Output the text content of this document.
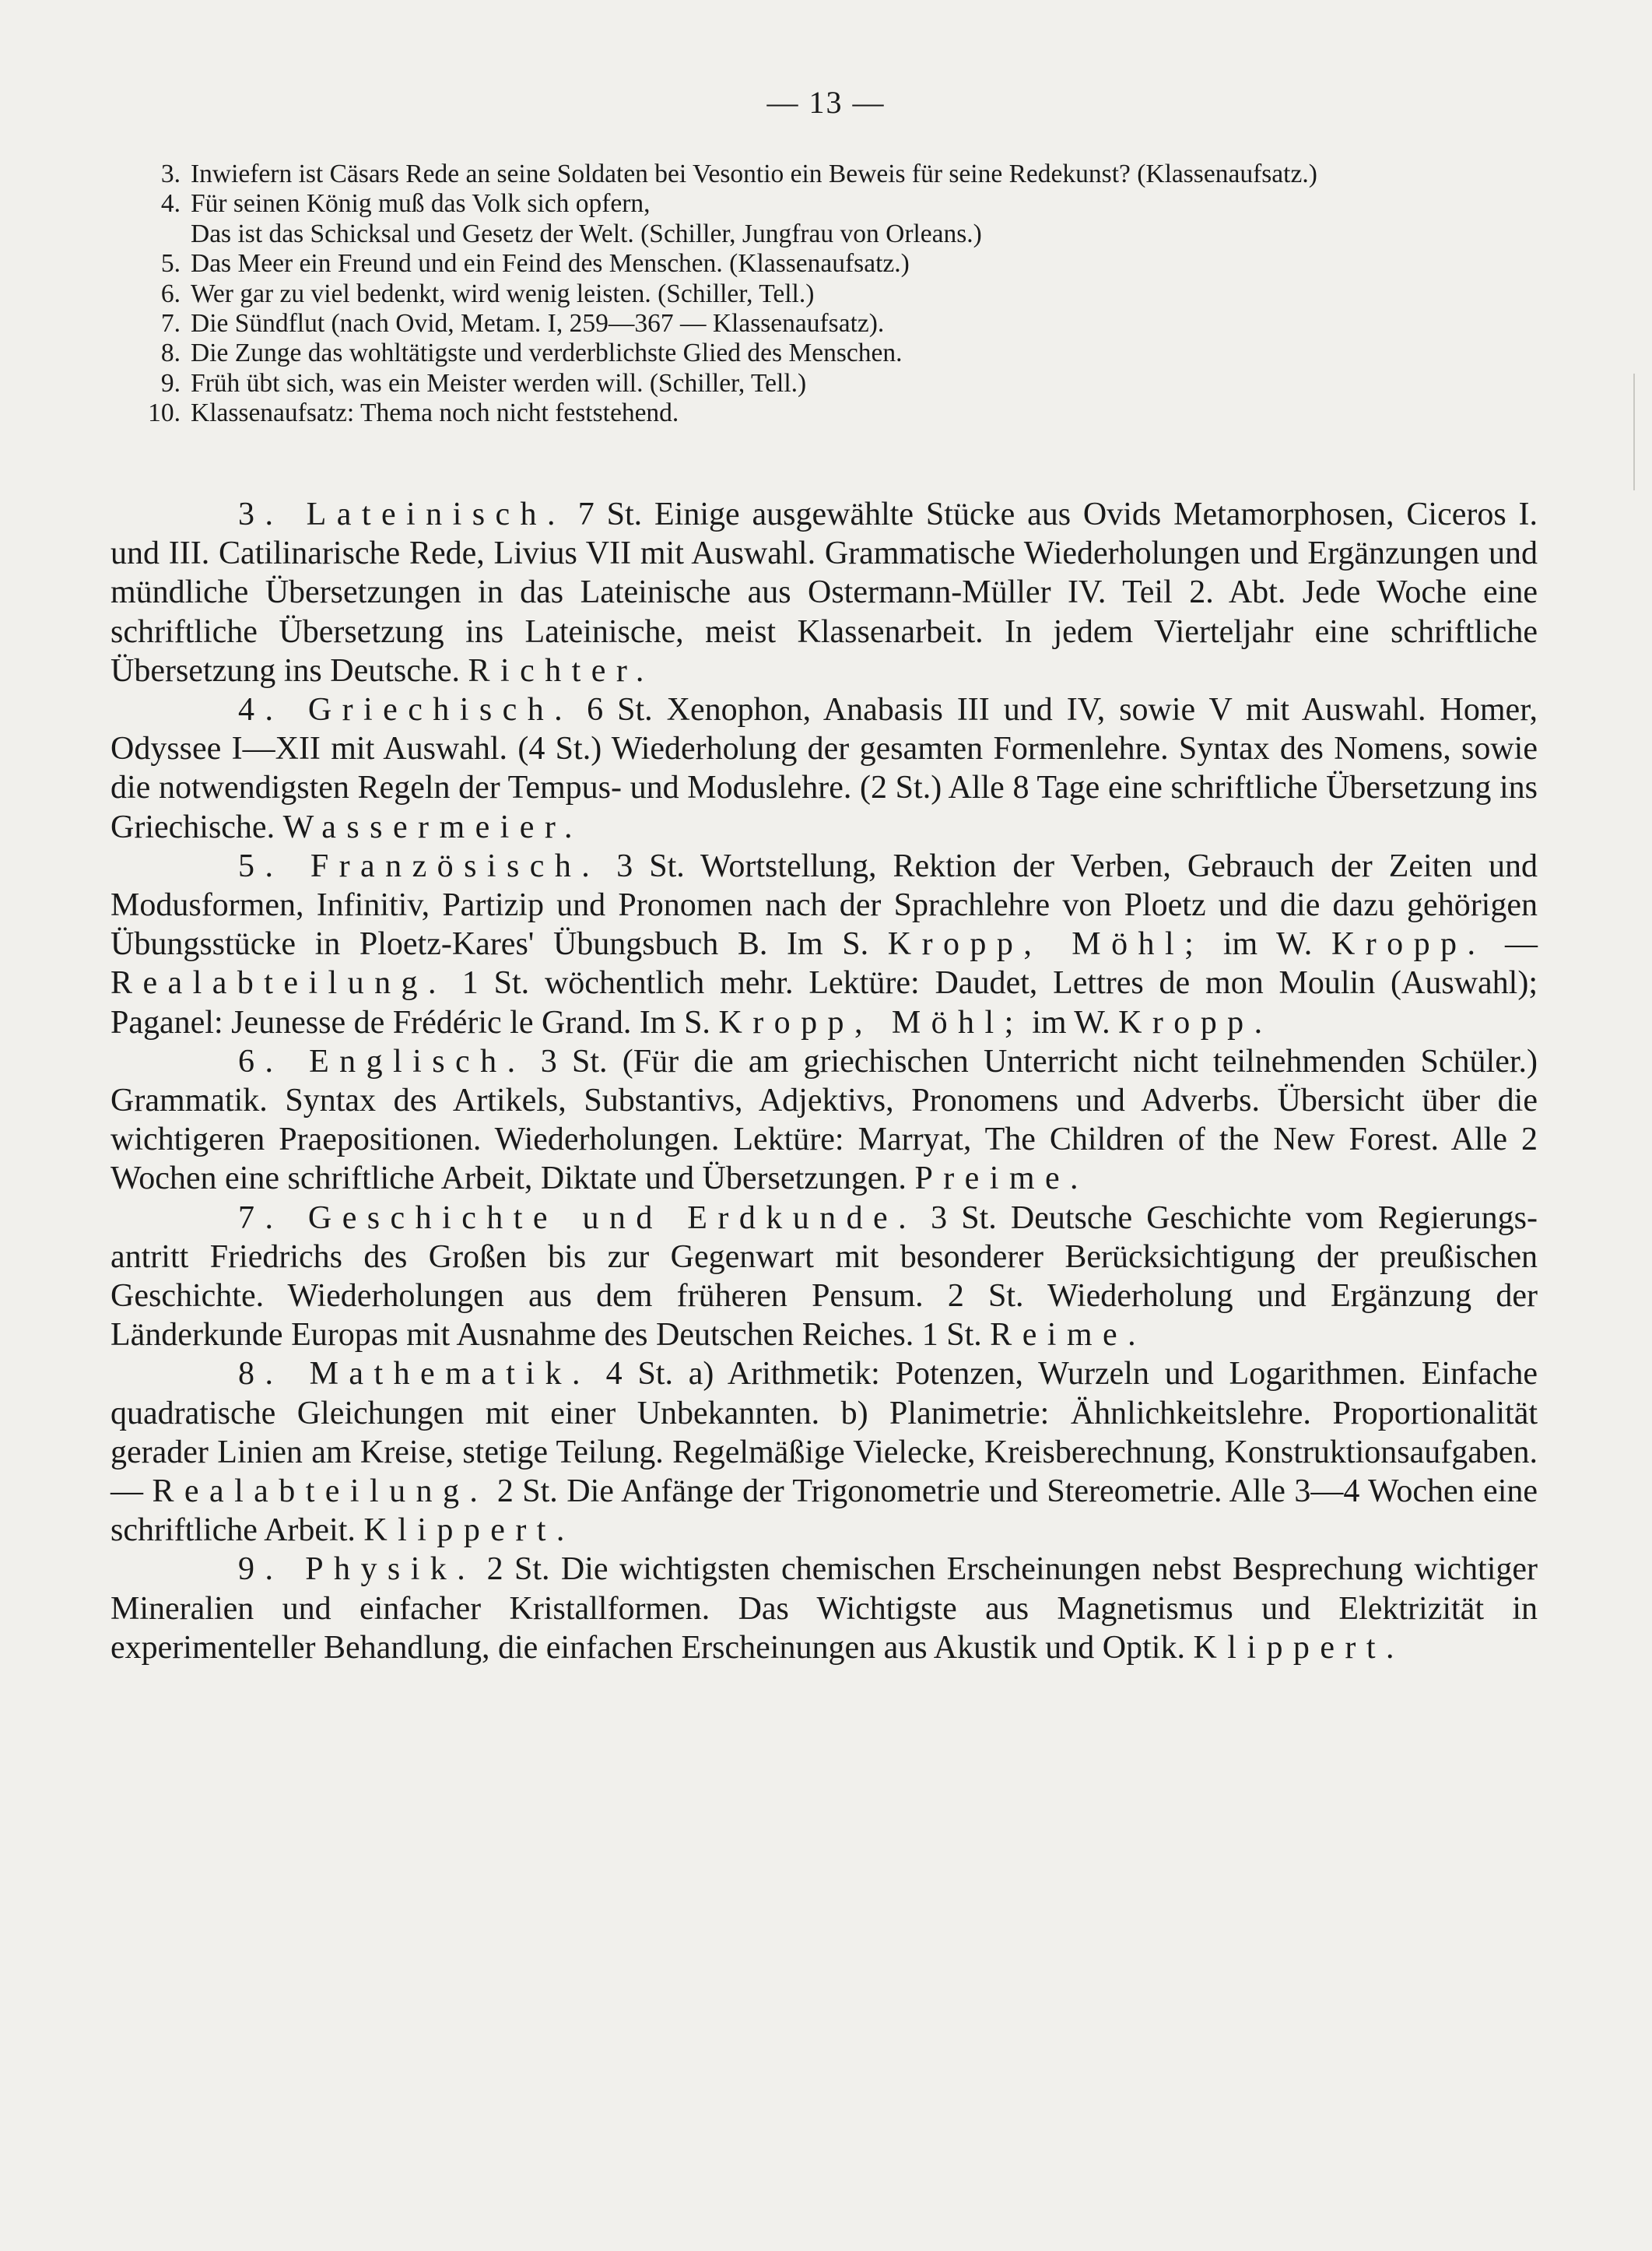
— 13 —
3. Inwiefern ist Cäsars Rede an seine Soldaten bei Vesontio ein Beweis für seine Redekunst? (Klassenaufsatz.)
4. Für seinen König muß das Volk sich opfern,
Das ist das Schicksal und Gesetz der Welt. (Schiller, Jungfrau von Orleans.)
5. Das Meer ein Freund und ein Feind des Menschen. (Klassenaufsatz.)
6. Wer gar zu viel bedenkt, wird wenig leisten. (Schiller, Tell.)
7. Die Sündflut (nach Ovid, Metam. I, 259—367 — Klassenaufsatz).
8. Die Zunge das wohltätigste und verderblichste Glied des Menschen.
9. Früh übt sich, was ein Meister werden will. (Schiller, Tell.)
10. Klassenaufsatz: Thema noch nicht feststehend.

3. Lateinisch. 7 St. Einige ausgewählte Stücke aus Ovids Metamorphosen, Ciceros I. und III. Catilinarische Rede, Livius VII mit Auswahl. Grammatische Wiederholungen und Ergänzungen und mündliche Übersetzungen in das Lateinische aus Ostermann-Müller IV. Teil 2. Abt. Jede Woche eine schriftliche Übersetzung ins Lateinische, meist Klassenarbeit. In jedem Vierteljahr eine schriftliche Übersetzung ins Deutsche. Richter.

4. Griechisch. 6 St. Xenophon, Anabasis III und IV, sowie V mit Auswahl. Homer, Odyssee I—XII mit Auswahl. (4 St.) Wiederholung der gesamten Formenlehre. Syntax des Nomens, sowie die notwendigsten Regeln der Tempus- und Moduslehre. (2 St.) Alle 8 Tage eine schriftliche Übersetzung ins Griechische. Wassermeier.

5. Französisch. 3 St. Wortstellung, Rektion der Verben, Gebrauch der Zeiten und Modusformen, Infinitiv, Partizip und Pronomen nach der Sprachlehre von Ploetz und die dazu gehörigen Übungsstücke in Ploetz-Kares' Übungsbuch B. Im S. Kropp, Möhl; im W. Kropp. — Realabteilung. 1 St. wöchentlich mehr. Lektüre: Daudet, Lettres de mon Moulin (Auswahl); Paganel: Jeunesse de Frédéric le Grand. Im S. Kropp, Möhl; im W. Kropp.

6. Englisch. 3 St. (Für die am griechischen Unterricht nicht teilnehmenden Schüler.) Grammatik. Syntax des Artikels, Substantivs, Adjektivs, Pronomens und Adverbs. Übersicht über die wichtigeren Praepositionen. Wiederholungen. Lektüre: Marryat, The Children of the New Forest. Alle 2 Wochen eine schriftliche Arbeit, Diktate und Übersetzungen. Preime.

7. Geschichte und Erdkunde. 3 St. Deutsche Geschichte vom Regierungsantritt Friedrichs des Großen bis zur Gegenwart mit besonderer Berücksichtigung der preußischen Geschichte. Wiederholungen aus dem früheren Pensum. 2 St. Wiederholung und Ergänzung der Länderkunde Europas mit Ausnahme des Deutschen Reiches. 1 St. Reime.

8. Mathematik. 4 St. a) Arithmetik: Potenzen, Wurzeln und Logarithmen. Einfache quadratische Gleichungen mit einer Unbekannten. b) Planimetrie: Ähnlichkeitslehre. Proportionalität gerader Linien am Kreise, stetige Teilung. Regelmäßige Vielecke, Kreisberechnung, Konstruktionsaufgaben. — Realabteilung. 2 St. Die Anfänge der Trigonometrie und Stereometrie. Alle 3—4 Wochen eine schriftliche Arbeit. Klippert.

9. Physik. 2 St. Die wichtigsten chemischen Erscheinungen nebst Besprechung wichtiger Mineralien und einfacher Kristallformen. Das Wichtigste aus Magnetismus und Elektrizität in experimenteller Behandlung, die einfachen Erscheinungen aus Akustik und Optik. Klippert.
